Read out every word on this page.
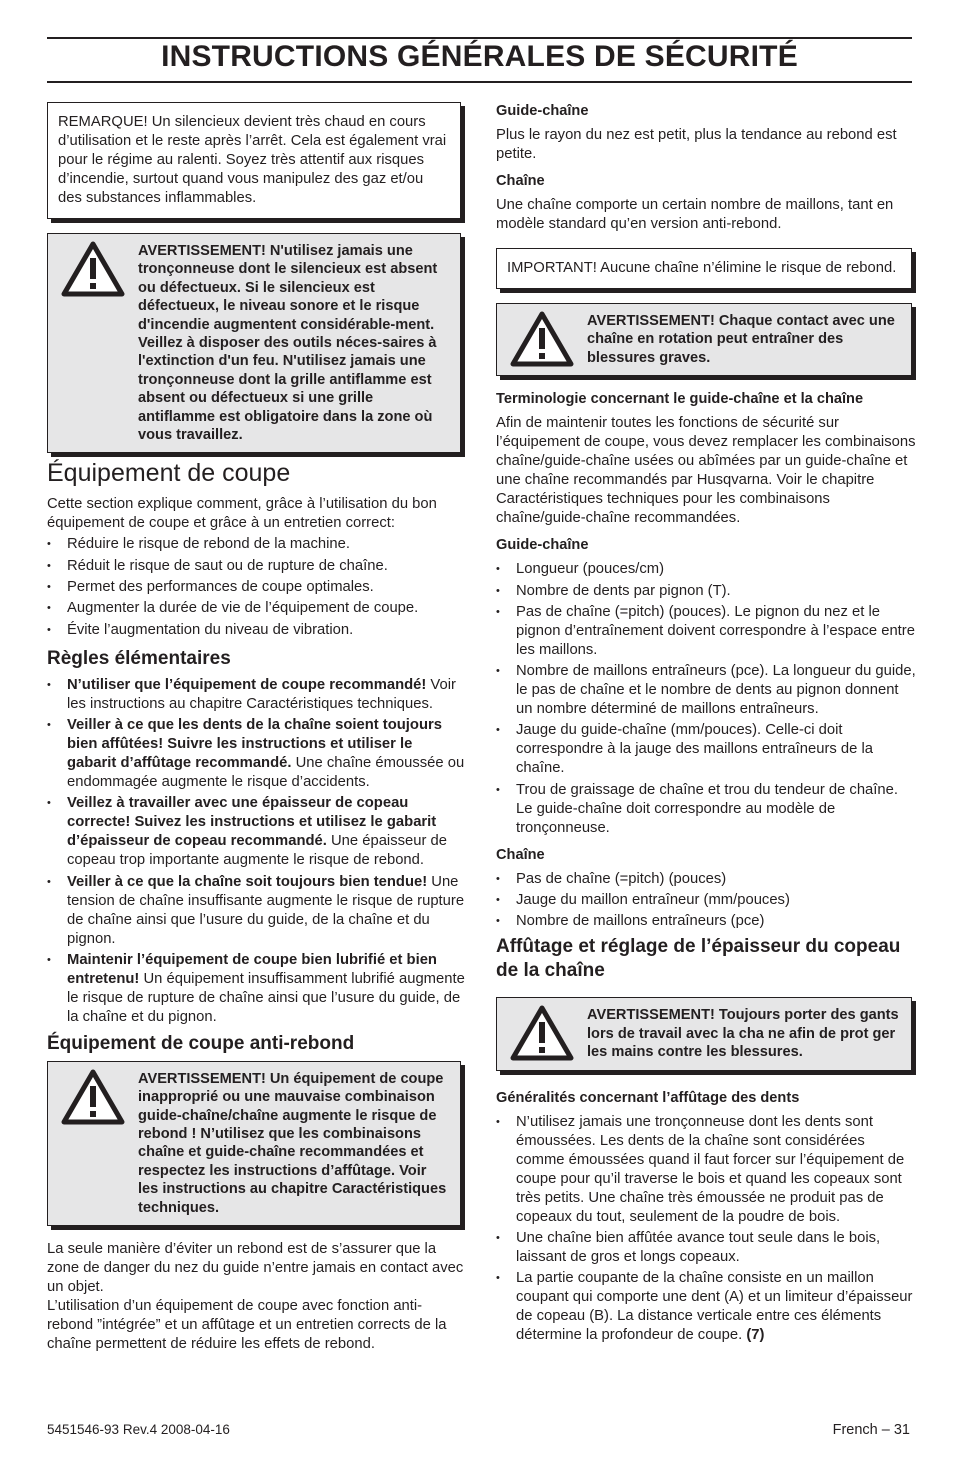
INSTRUCTIONS GÉNÉRALES DE SÉCURITÉ

REMARQUE! Un silencieux devient très chaud en cours d’utilisation et le reste après l’arrêt. Cela est également vrai pour le régime au ralenti. Soyez très attentif aux risques d’incendie, surtout quand vous manipulez des gaz et/ou des substances inflammables.

AVERTISSEMENT! N'utilisez jamais une tronçonneuse dont le silencieux est absent ou défectueux. Si le silencieux est défectueux, le niveau sonore et le risque d'incendie augmentent considérable-ment. Veillez à disposer des outils néces-saires à l'extinction d'un feu. N'utilisez jamais une tronçonneuse dont la grille antiflamme est absent ou défectueux si une grille antiflamme est obligatoire dans la zone où vous travaillez.
Équipement de coupe

Cette section explique comment, grâce à l’utilisation du bon équipement de coupe et grâce à un entretien correct:

• Réduire le risque de rebond de la machine.
• Réduit le risque de saut ou de rupture de chaîne.
• Permet des performances de coupe optimales.
• Augmenter la durée de vie de l’équipement de coupe.
• Évite l’augmentation du niveau de vibration.
Règles élémentaires
• N’utiliser que l’équipement de coupe recommandé! Voir les instructions au chapitre Caractéristiques techniques.
• Veiller à ce que les dents de la chaîne soient toujours bien affûtées! Suivre les instructions et utiliser le gabarit d’affûtage recommandé. Une chaîne émoussée ou endommagée augmente le risque d’accidents.
• Veillez à travailler avec une épaisseur de copeau correcte! Suivez les instructions et utilisez le gabarit d’épaisseur de copeau recommandé. Une épaisseur de copeau trop importante augmente le risque de rebond.
• Veiller à ce que la chaîne soit toujours bien tendue! Une tension de chaîne insuffisante augmente le risque de rupture de chaîne ainsi que l’usure du guide, de la chaîne et du pignon.
• Maintenir l’équipement de coupe bien lubrifié et bien entretenu! Un équipement insuffisamment lubrifié augmente le risque de rupture de chaîne ainsi que l’usure du guide, de la chaîne et du pignon.
Équipement de coupe anti-rebond
AVERTISSEMENT! Un équipement de coupe inapproprié ou une mauvaise combinaison guide-chaîne/chaîne augmente le risque de rebond ! N’utilisez que les combinaisons chaîne et guide-chaîne recommandées et respectez les instructions d’affûtage. Voir les instructions au chapitre Caractéristiques techniques.

La seule manière d’éviter un rebond est de s’assurer que la zone de danger du nez du guide n’entre jamais en contact avec un objet.

L’utilisation d’un équipement de coupe avec fonction anti-rebond ”intégrée” et un affûtage et un entretien corrects de la chaîne permettent de réduire les effets de rebond.

Guide-chaîne

Plus le rayon du nez est petit, plus la tendance au rebond est petite.

Chaîne

Une chaîne comporte un certain nombre de maillons, tant en modèle standard qu’en version anti-rebond.

IMPORTANT! Aucune chaîne n’élimine le risque de rebond.

AVERTISSEMENT! Chaque contact avec une chaîne en rotation peut entraîner des blessures graves.
Terminologie concernant le guide-chaîne et la chaîne

Afin de maintenir toutes les fonctions de sécurité sur l’équipement de coupe, vous devez remplacer les combinaisons chaîne/guide-chaîne usées ou abîmées par un guide-chaîne et une chaîne recommandés par Husqvarna. Voir le chapitre Caractéristiques techniques pour les combinaisons chaîne/guide-chaîne recommandées.

Guide-chaîne
• Longueur (pouces/cm)
• Nombre de dents par pignon (T).
• Pas de chaîne (=pitch) (pouces). Le pignon du nez et le pignon d’entraînement doivent correspondre à l’espace entre les maillons.
• Nombre de maillons entraîneurs (pce). La longueur du guide, le pas de chaîne et le nombre de dents au pignon donnent un nombre déterminé de maillons entraîneurs.
• Jauge du guide-chaîne (mm/pouces). Celle-ci doit correspondre à la jauge des maillons entraîneurs de la chaîne.
• Trou de graissage de chaîne et trou du tendeur de chaîne. Le guide-chaîne doit correspondre au modèle de tronçonneuse.
Chaîne
• Pas de chaîne (=pitch) (pouces)
• Jauge du maillon entraîneur (mm/pouces)
• Nombre de maillons entraîneurs (pce)
Affûtage et réglage de l’épaisseur du copeau de la chaîne
AVERTISSEMENT! Toujours porter des gants lors de travail avec la cha ne afin de prot ger les mains contre les blessures.
Généralités concernant l’affûtage des dents
• N’utilisez jamais une tronçonneuse dont les dents sont émoussées. Les dents de la chaîne sont considérées comme émoussées quand il faut forcer sur l’équipement de coupe pour qu’il traverse le bois et quand les copeaux sont très petits. Une chaîne très émoussée ne produit pas de copeaux du tout, seulement de la poudre de bois.
• Une chaîne bien affûtée avance tout seule dans le bois, laissant de gros et longs copeaux.
• La partie coupante de la chaîne consiste en un maillon coupant qui comporte une dent (A) et un limiteur d’épaisseur de copeau (B). La distance verticale entre ces éléments détermine la profondeur de coupe. (7)
5451546-93 Rev.4 2008-04-16	French – 31
